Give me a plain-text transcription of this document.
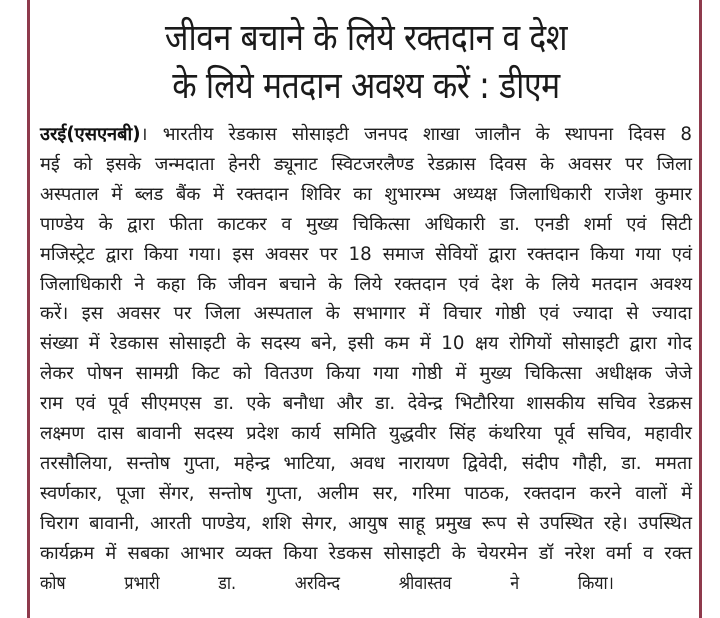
जीवन बचाने के लिये रक्तदान व देश
के लिये मतदान अवश्य करें : डीएम
उरई(एसएनबी)। भारतीय रेडकास सोसाइटी जनपद शाखा जालौन के स्थापना दिवस 8
मई को इसके जन्मदाता हेनरी ड्यूनाट स्विटजरलैण्ड रेडक्रास दिवस के अवसर पर जिला
अस्पताल में ब्लड बैंक में रक्तदान शिविर का शुभारम्भ अध्यक्ष जिलाधिकारी राजेश कुमार
पाण्डेय के द्वारा फीता काटकर व मुख्य चिकित्सा अधिकारी डा. एनडी शर्मा एवं सिटी
मजिस्ट्रेट द्वारा किया गया। इस अवसर पर 18 समाज सेवियों द्वारा रक्तदान किया गया एवं
जिलाधिकारी ने कहा कि जीवन बचाने के लिये रक्तदान एवं देश के लिये मतदान अवश्य
करें। इस अवसर पर जिला अस्पताल के सभागार में विचार गोष्ठी एवं ज्यादा से ज्यादा
संख्या में रेडकास सोसाइटी के सदस्य बने, इसी कम में 10 क्षय रोगियों सोसाइटी द्वारा गोद
लेकर पोषन सामग्री किट को वितउण किया गया गोष्ठी में मुख्य चिकित्सा अधीक्षक जेजे
राम एवं पूर्व सीएमएस डा. एके बनौधा और डा. देवेन्द्र भिटौरिया शासकीय सचिव रेडक्रस
लक्ष्मण दास बावानी सदस्य प्रदेश कार्य समिति युद्धवीर सिंह कंथरिया पूर्व सचिव, महावीर
तरसौलिया, सन्तोष गुप्ता, महेन्द्र भाटिया, अवध नारायण द्विवेदी, संदीप गौही, डा. ममता
स्वर्णकार, पूजा सेंगर, सन्तोष गुप्ता, अलीम सर, गरिमा पाठक, रक्तदान करने वालों में
चिराग बावानी, आरती पाण्डेय, शशि सेगर, आयुष साहू प्रमुख रूप से उपस्थित रहे। उपस्थित
कार्यक्रम में सबका आभार व्यक्त किया रेडकस सोसाइटी के चेयरमेन डॉ नरेश वर्मा व रक्त
कोष प्रभारी डा. अरविन्द श्रीवास्तव ने किया।
